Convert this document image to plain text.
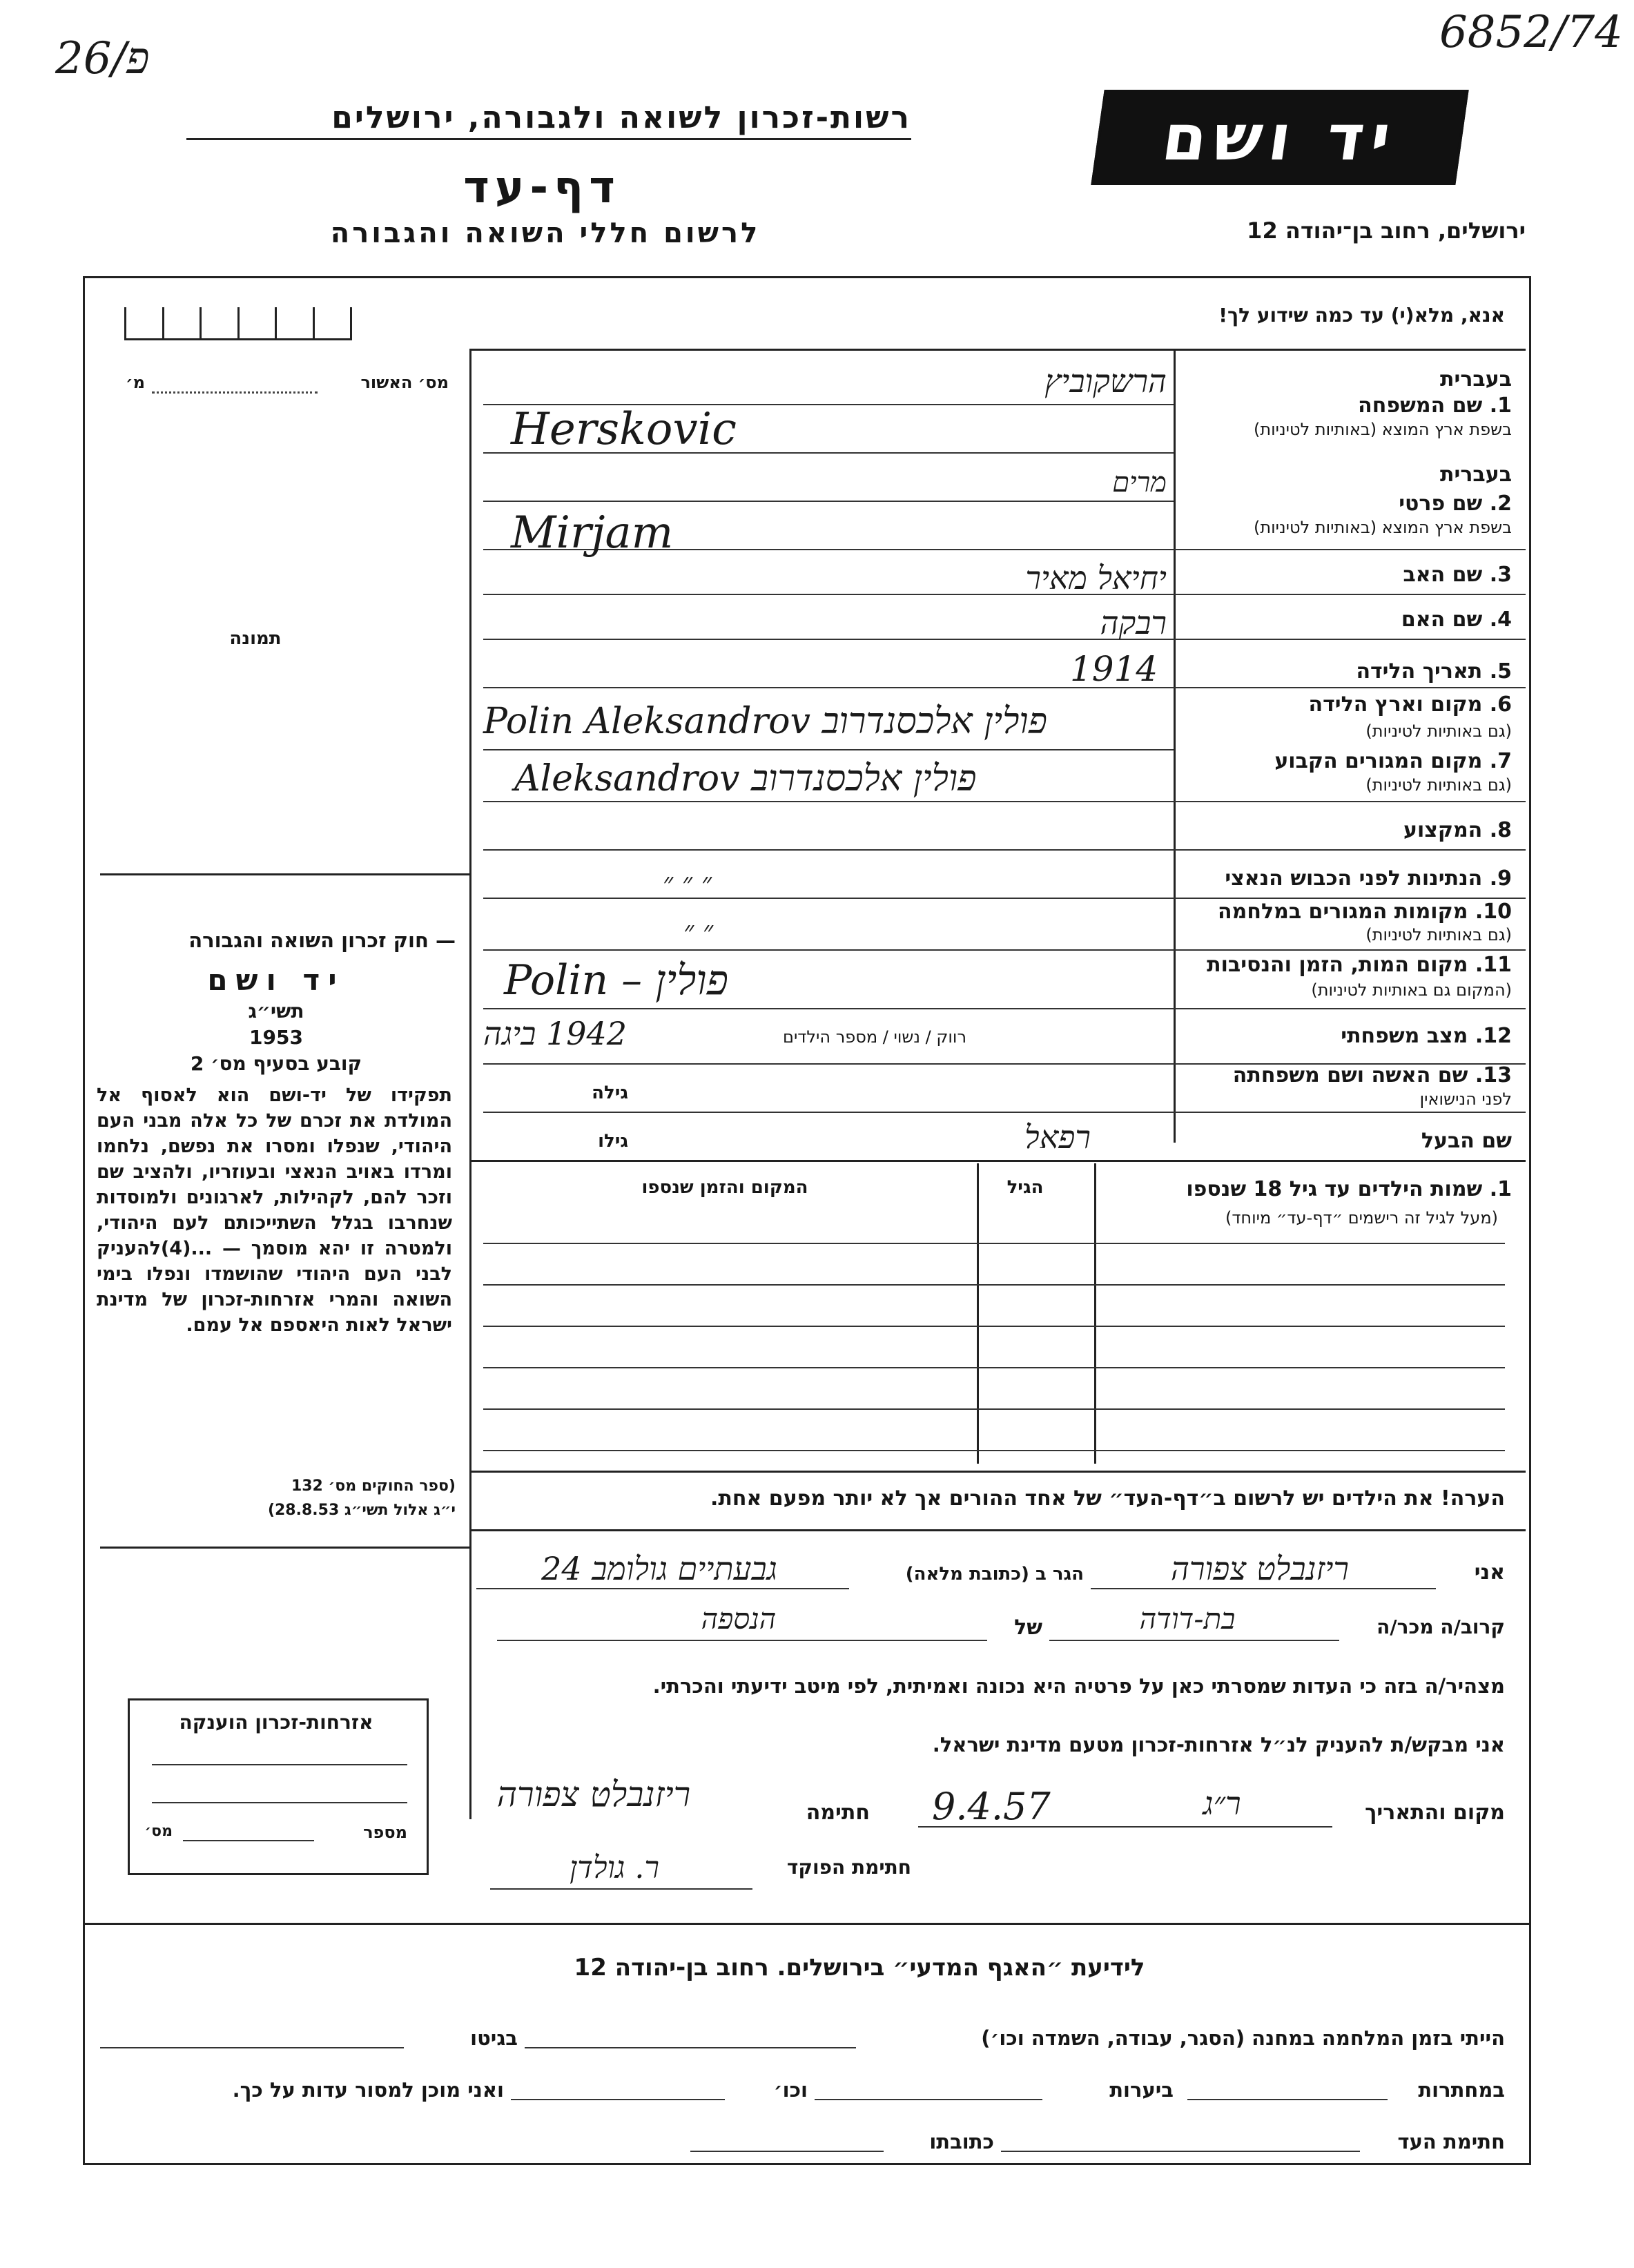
26/פ
6852/74
יד ושם
רשות-זכרון לשואה ולגבורה, ירושלים
דף-עד
לרשום חללי השואה והגבורה	ירושלים, רחוב בן־יהודה 12
אנא, מלא(י) עד כמה שידוע לך!
מס׳ האשור
מ׳
תמונה
— חוק זכרון השואה והגבורה
יד ושם
תשי״ג
1953
קובע בסעיף מס׳ 2
תפקידו של יד-ושם הוא לאסוף אל המולדת את זכרם של כל אלה מבני העם היהודי, שנפלו ומסרו את נפשם, נלחמו ומרדו באויב הנאצי ובעוזריו, ולהציב שם וזכר להם, לקהילות, לארגונים ולמוסדות שנחרבו בגלל השתייכותם לעם היהודי, ולמטרה זו יהא מוסמך — ...(4)להעניק לבני העם היהודי שהושמדו ונפלו בימי השואה והמרי אזרחות-זכרון של מדינת ישראל לאות היאספם אל עמם.
(ספר החוקים מס׳ 132
י״ג אלול תשי״ג 28.8.53)
אזרחות-זכרון הוענקה
מספר
מס׳
בעברית
1. שם המשפחה
בשפת ארץ המוצא (באותיות לטיניות)
בעברית
2. שם פרטי
בשפת ארץ המוצא (באותיות לטיניות)
3. שם האב
4. שם האם
5. תאריך הלידה
6. מקום וארץ הלידה
(גם באותיות לטיניות)
7. מקום המגורים הקבוע
(גם באותיות לטיניות)
8. המקצוע
9. הנתינות לפני הכבוש הנאצי
10. מקומות המגורים במלחמה
(גם באותיות לטיניות)
11. מקום המות, הזמן והנסיבות
(המקום גם באותיות לטיניות)
12. מצב משפחתי
13. שם האשה ושם משפחתה
לפני הנישואין
שם הבעל
רווק / נשוי / מספר הילדים
גילה
גילו
הרשקוביץ
Herskovic
מרים
Mirjam
יחיאל מאיר
רבקה
1914
Polin Aleksandrov פולין אלכסנדרוב
Aleksandrov פולין אלכסנדרוב
״ ״ ״
״ ״
Polin – פולין
1942 ביגה
רפאל
1. שמות הילדים עד גיל 18 שנספו
(מעל לגיל זה רישמים ״דף-עד״ מיוחד)
הגיל
המקום והזמן שנספו
הערה! את הילדים יש לרשום ב״דף-העד״ של אחד ההורים אך לא יותר מפעם אחת.
אני
ריזנבלט צפורה
הגר ב (כתובת מלאה)
גבעתיים גולומב 24
קרוב/ה מכר/ה
בת-דודה
של
הנספה
מצהיר/ה בזה כי העדות שמסרתי כאן על פרטיה היא נכונה ואמיתית, לפי מיטב ידיעתי והכרתי.
אני מבקש/ת להעניק לנ״ל אזרחות-זכרון מטעם מדינת ישראל.
מקום והתאריך
ר״ג
9.4.57
חתימה
ריזנבלט צפורה
חתימת הפוקד
ר. גולדן
לידיעת ״האגף המדעי״ בירושלים. רחוב בן-יהודה 12
הייתי בזמן המלחמה במחנה (הסגר, עבודה, השמדה וכו׳)
בגיטו
במחתרות
ביערות
וכו׳
ואני מוכן למסור עדות על כך.
חתימת העד
כתובתו
